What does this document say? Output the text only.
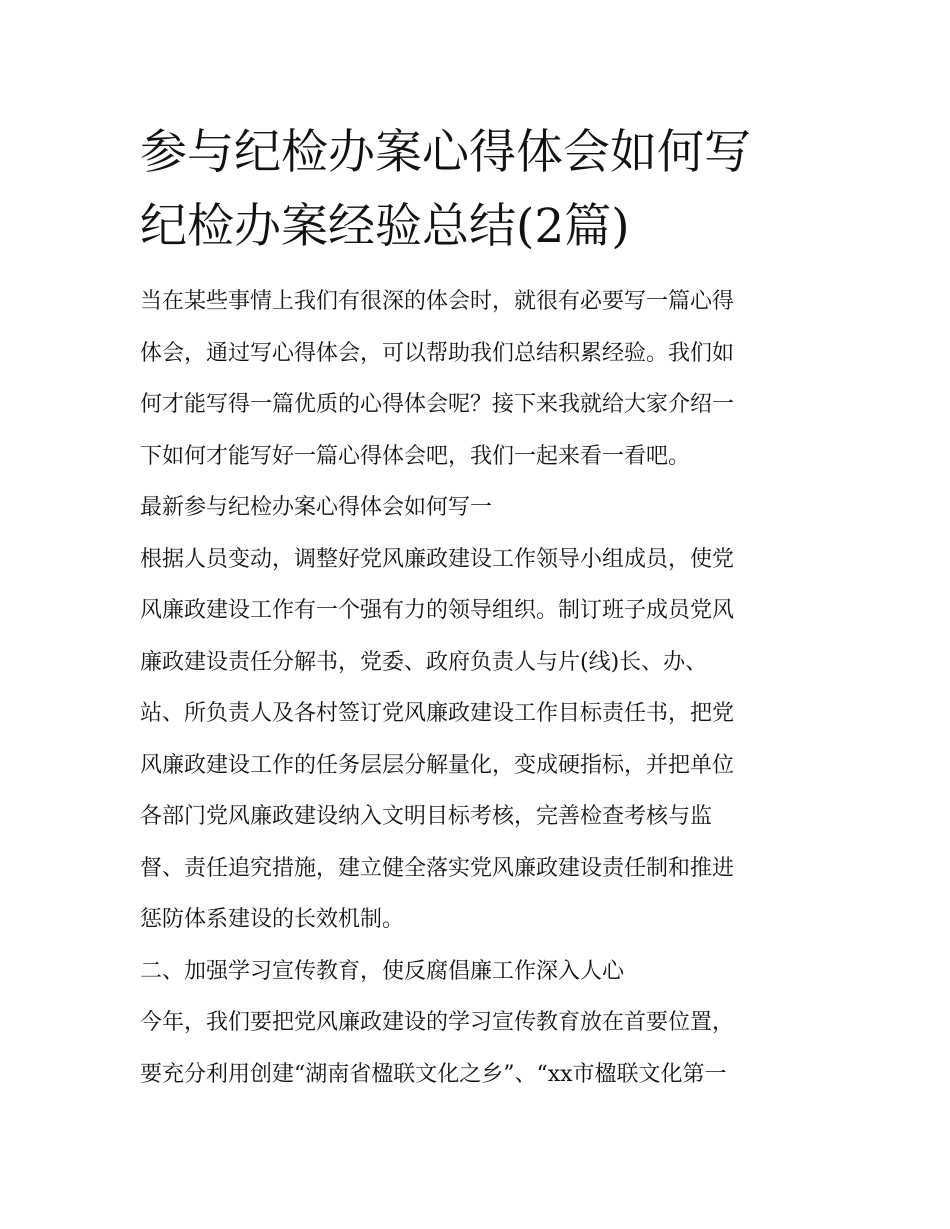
参与纪检办案心得体会如何写
纪检办案经验总结(2篇)
当在某些事情上我们有很深的体会时，就很有必要写一篇心得
体会，通过写心得体会，可以帮助我们总结积累经验。我们如
何才能写得一篇优质的心得体会呢？接下来我就给大家介绍一
下如何才能写好一篇心得体会吧，我们一起来看一看吧。
最新参与纪检办案心得体会如何写一
根据人员变动，调整好党风廉政建设工作领导小组成员，使党
风廉政建设工作有一个强有力的领导组织。制订班子成员党风
廉政建设责任分解书，党委、政府负责人与片(线)长、办、
站、所负责人及各村签订党风廉政建设工作目标责任书，把党
风廉政建设工作的任务层层分解量化，变成硬指标，并把单位
各部门党风廉政建设纳入文明目标考核，完善检查考核与监
督、责任追究措施，建立健全落实党风廉政建设责任制和推进
惩防体系建设的长效机制。
二、加强学习宣传教育，使反腐倡廉工作深入人心
今年，我们要把党风廉政建设的学习宣传教育放在首要位置，
要充分利用创建“湖南省楹联文化之乡”、“xx市楹联文化第一
